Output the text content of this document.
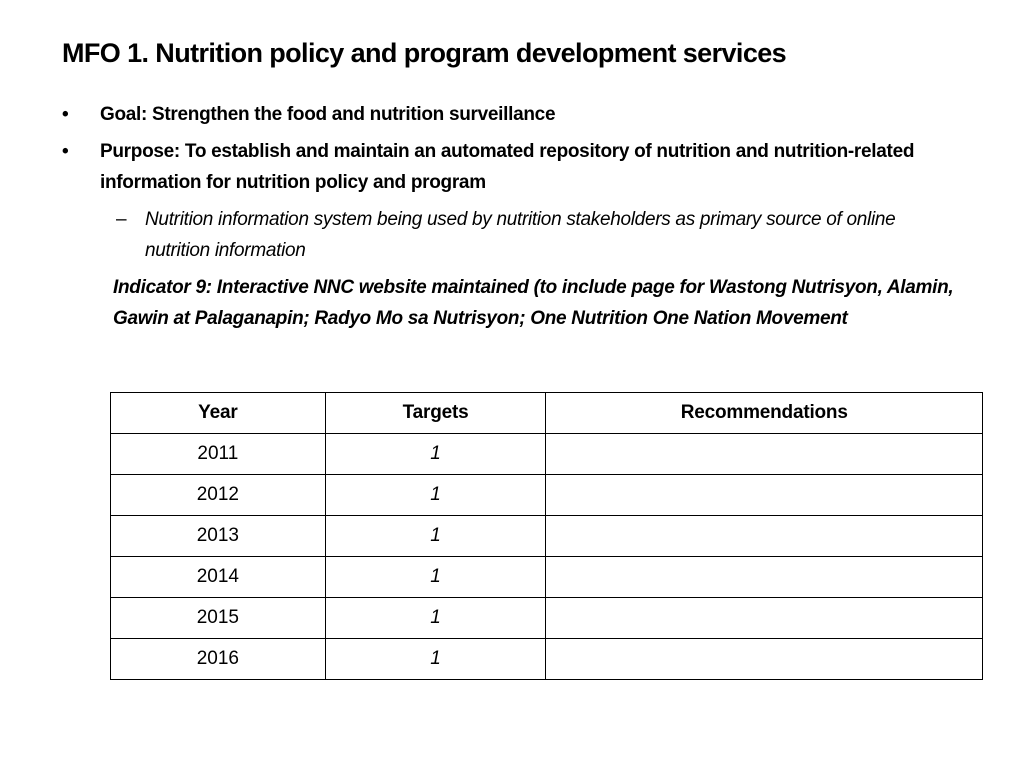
MFO 1. Nutrition policy and program development services
• Goal: Strengthen the food and nutrition surveillance
• Purpose: To establish and maintain an automated repository of nutrition and nutrition-related information for nutrition policy and program
– Nutrition information system being used by nutrition stakeholders as primary source of online nutrition information
Indicator 9: Interactive NNC website maintained (to include page for Wastong Nutrisyon, Alamin, Gawin at Palaganapin; Radyo Mo sa Nutrisyon; One Nutrition One Nation Movement
Year	Targets	Recommendations
2011	1	
2012	1	
2013	1	
2014	1	
2015	1	
2016	1	
